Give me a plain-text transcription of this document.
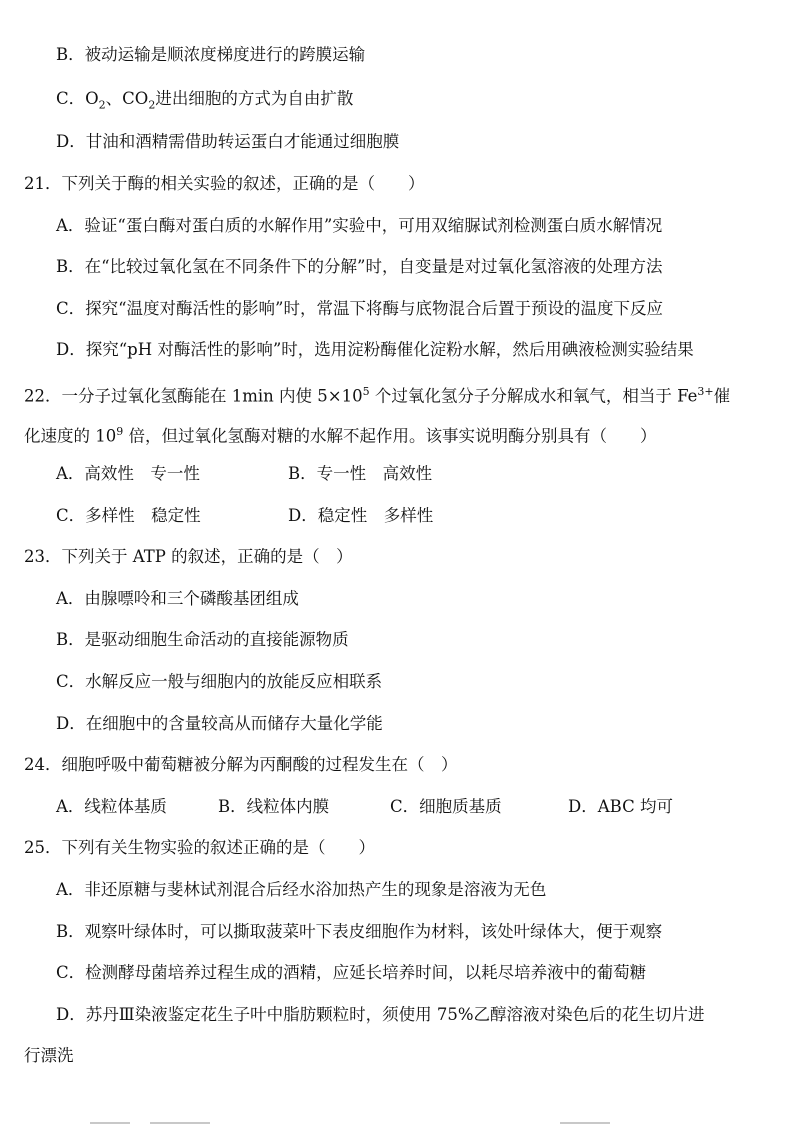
B．被动运输是顺浓度梯度进行的跨膜运输
C．$O_2$、$CO_2$进出细胞的方式为自由扩散
D．甘油和酒精需借助转运蛋白才能通过细胞膜
21．下列关于酶的相关实验的叙述，正确的是（　　）
A．验证“蛋白酶对蛋白质的水解作用”实验中，可用双缩脲试剂检测蛋白质水解情况
B．在“比较过氧化氢在不同条件下的分解”时，自变量是对过氧化氢溶液的处理方法
C．探究“温度对酶活性的影响”时，常温下将酶与底物混合后置于预设的温度下反应
D．探究“pH 对酶活性的影响”时，选用淀粉酶催化淀粉水解，然后用碘液检测实验结果
22．一分子过氧化氢酶能在 1min 内使 $5\times 10^5$ 个过氧化氢分子分解成水和氧气，相当于 $Fe^{3+}$催
化速度的 $10^9$ 倍，但过氧化氢酶对糖的水解不起作用。该事实说明酶分别具有（　　）
A．高效性　专一性	B．专一性　高效性
C．多样性　稳定性	D．稳定性　多样性
23．下列关于 ATP 的叙述，正确的是（　）
A．由腺嘌呤和三个磷酸基团组成
B．是驱动细胞生命活动的直接能源物质
C．水解反应一般与细胞内的放能反应相联系
D．在细胞中的含量较高从而储存大量化学能
24．细胞呼吸中葡萄糖被分解为丙酮酸的过程发生在（　）
A．线粒体基质	B．线粒体内膜	C．细胞质基质	D．ABC 均可
25．下列有关生物实验的叙述正确的是（　　）
A．非还原糖与斐林试剂混合后经水浴加热产生的现象是溶液为无色
B．观察叶绿体时，可以撕取菠菜叶下表皮细胞作为材料，该处叶绿体大，便于观察
C．检测酵母菌培养过程生成的酒精，应延长培养时间，以耗尽培养液中的葡萄糖
D．苏丹Ⅲ染液鉴定花生子叶中脂肪颗粒时，须使用 75%乙醇溶液对染色后的花生切片进
行漂洗
